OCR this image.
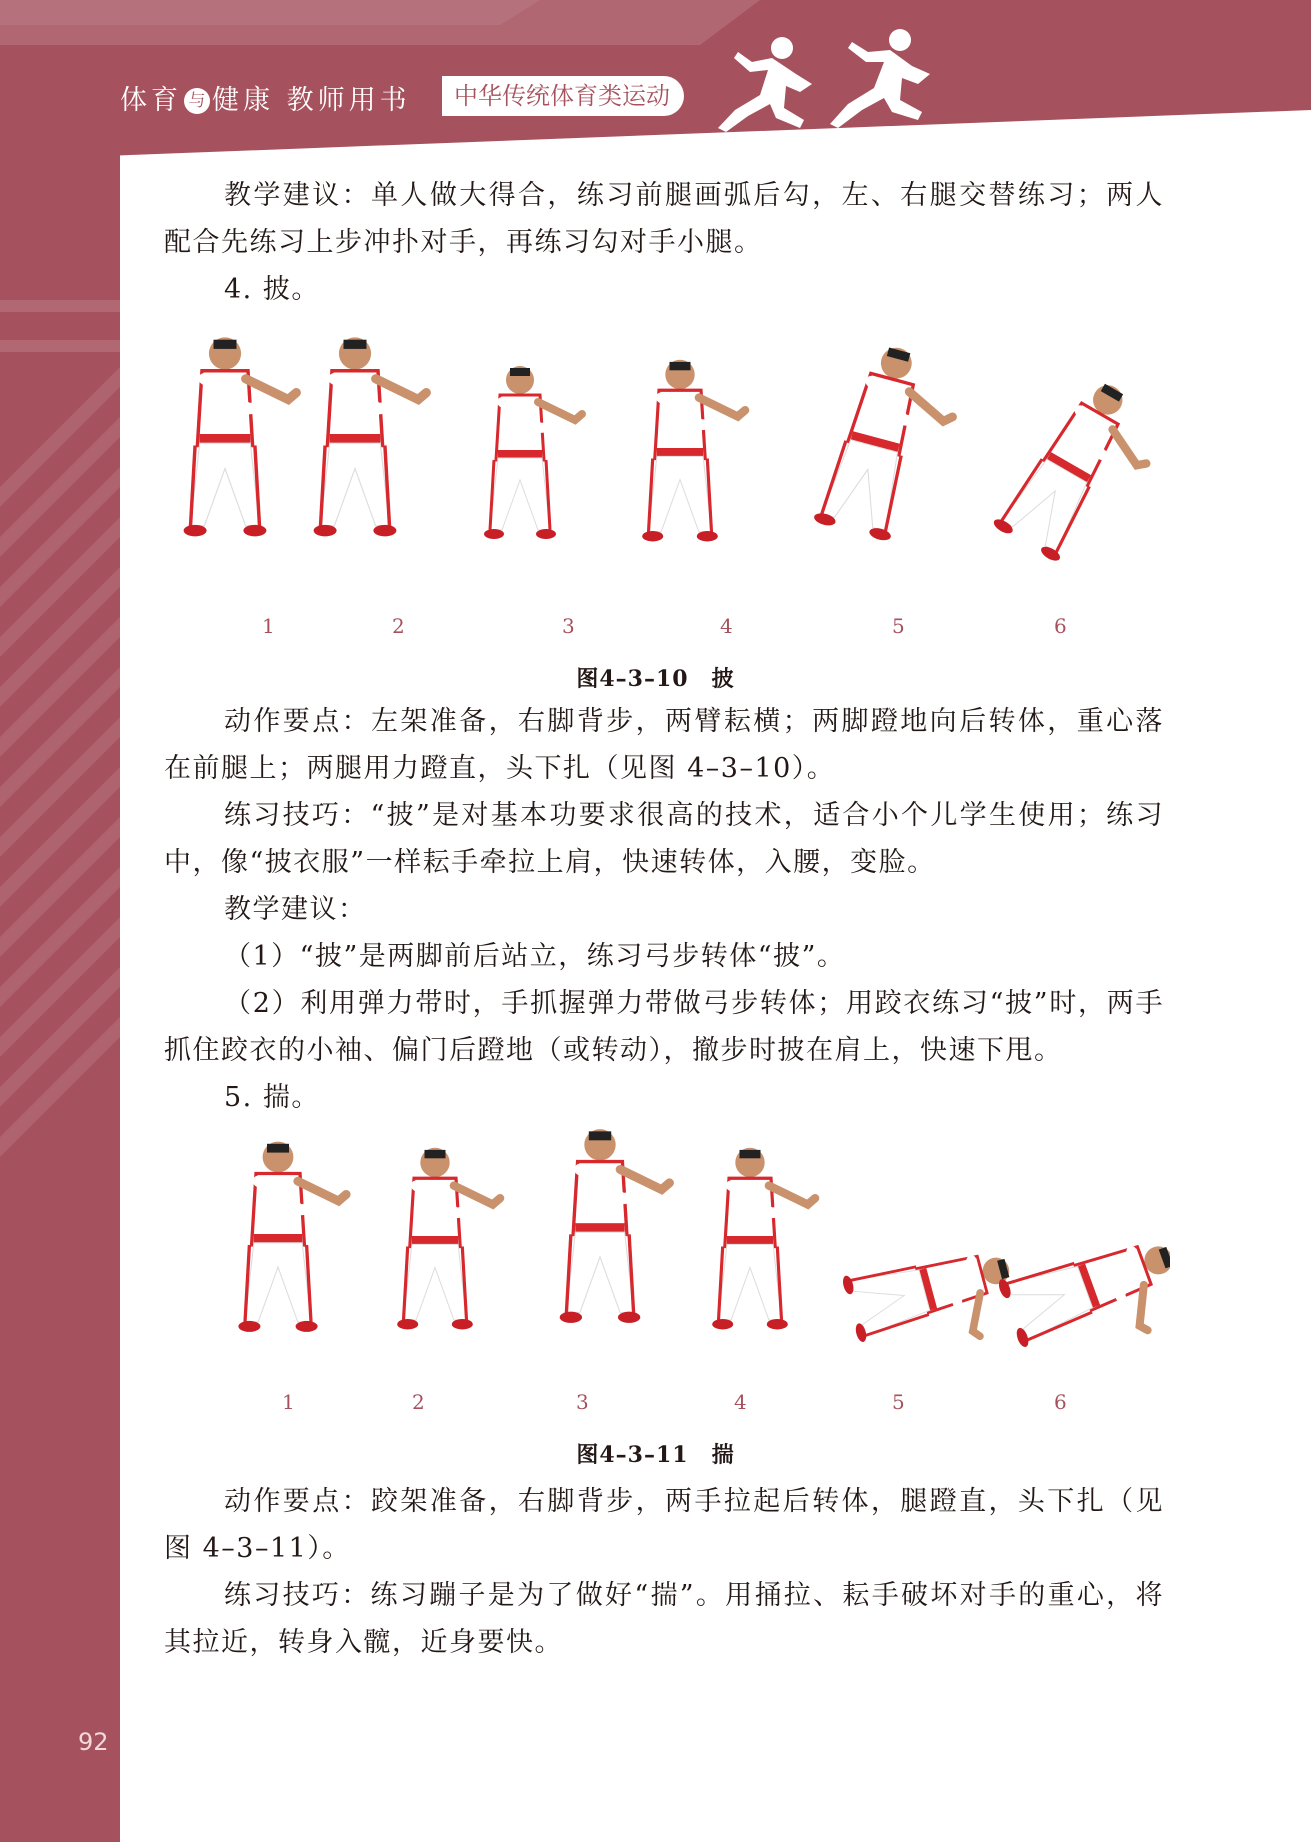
体育 与 健康 教师用书	中华传统体育类运动

教学建议：单人做大得合，练习前腿画弧后勾，左、右腿交替练习；两人配合先练习上步冲扑对手，再练习勾对手小腿。

4. 披。

1	2	3	4	5	6
图4–3–10　披

动作要点：左架准备，右脚背步，两臂耘横；两脚蹬地向后转体，重心落在前腿上；两腿用力蹬直，头下扎（见图 4–3–10）。

练习技巧：“披”是对基本功要求很高的技术，适合小个儿学生使用；练习中，像“披衣服”一样耘手牵拉上肩，快速转体，入腰，变脸。

教学建议：

（1）“披”是两脚前后站立，练习弓步转体“披”。

（2）利用弹力带时，手抓握弹力带做弓步转体；用跤衣练习“披”时，两手抓住跤衣的小袖、偏门后蹬地（或转动），撤步时披在肩上，快速下甩。

5. 揣。

1	2	3	4	5	6
图4–3–11　揣

动作要点：跤架准备，右脚背步，两手拉起后转体，腿蹬直，头下扎（见图 4–3–11）。

练习技巧：练习蹦子是为了做好“揣”。用捅拉、耘手破坏对手的重心，将其拉近，转身入髋，近身要快。

92
